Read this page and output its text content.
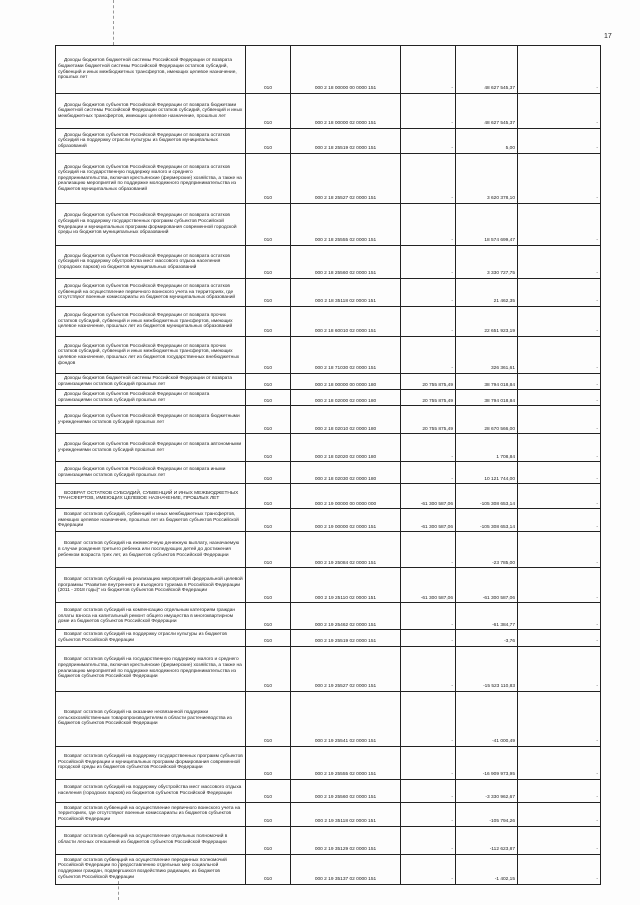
17
Доходы бюджетов бюджетной системы Российской Федерации от возврата бюджетами бюджетной системы Российской Федерации остатков субсидий, субвенций и иных межбюджетных трансфертов, имеющих целевое назначение, прошлых лет	010	000 2 18 00000 00 0000 151	-	48 627 545,37	-
Доходы бюджетов субъектов Российской Федерации от возврата бюджетами бюджетной системы Российской Федерации остатков субсидий, субвенций и иных межбюджетных трансфертов, имеющих целевое назначение, прошлых лет	010	000 2 18 00000 02 0000 151	-	48 627 545,37	-
Доходы бюджетов субъектов Российской Федерации от возврата остатков субсидий на поддержку отрасли культуры из бюджетов муниципальных образований	010	000 2 18 25519 02 0000 151	-	5,00	-
Доходы бюджетов субъектов Российской Федерации от возврата остатков субсидий на государственную поддержку малого и среднего предпринимательства, включая крестьянские (фермерские) хозяйства, а также на реализацию мероприятий по поддержке молодежного предпринимательства из бюджетов муниципальных образований	010	000 2 18 25527 02 0000 151	-	3 620 378,10	-
Доходы бюджетов субъектов Российской Федерации от возврата остатков субсидий на поддержку государственных программ субъектов Российской Федерации и муниципальных программ формирования современной городской среды из бюджетов муниципальных образований	010	000 2 18 25555 02 0000 151	-	18 574 699,47	-
Доходы бюджетов субъектов Российской Федерации от возврата остатков субсидий на поддержку обустройства мест массового отдыха населения (городских парков) из бюджетов муниципальных образований	010	000 2 18 25560 02 0000 151	-	3 330 727,75	-
Доходы бюджетов субъектов Российской Федерации от возврата остатков субвенций на осуществление первичного воинского учета на территориях, где отсутствуют военные комиссариаты из бюджетов муниципальных образований	010	000 2 18 35118 02 0000 151	-	21 462,35	-
Доходы бюджетов субъектов Российской Федерации от возврата прочих остатков субсидий, субвенций и иных межбюджетных трансфертов, имеющих целевое назначение, прошлых лет из бюджетов муниципальных образований	010	000 2 18 60010 02 0000 151	-	22 651 923,19	-
Доходы бюджетов субъектов Российской Федерации от возврата прочих остатков субсидий, субвенций и иных межбюджетных трансфертов, имеющих целевое назначение, прошлых лет из бюджетов государственных внебюджетных фондов	010	000 2 18 71030 02 0000 151	-	326 361,61	-
Доходы бюджетов бюджетной системы Российской Федерации от возврата организациями остатков субсидий прошлых лет	010	000 2 18 00000 00 0000 180	20 755 875,49	38 794 018,84	-
Доходы бюджетов субъектов Российской Федерации от возврата организациями остатков субсидий прошлых лет	010	000 2 18 02000 02 0000 180	20 755 875,49	38 794 018,84	-
Доходы бюджетов субъектов Российской Федерации от возврата бюджетными учреждениями остатков субсидий прошлых лет	010	000 2 18 02010 02 0000 180	20 755 875,49	28 670 566,00	-
Доходы бюджетов субъектов Российской Федерации от возврата автономными учреждениями остатков субсидий прошлых лет	010	000 2 18 02020 02 0000 180	-	1 708,84	-
Доходы бюджетов субъектов Российской Федерации от возврата иными организациями остатков субсидий прошлых лет	010	000 2 18 02030 02 0000 180	-	10 121 744,00	-
ВОЗВРАТ ОСТАТКОВ СУБСИДИЙ, СУБВЕНЦИЙ И ИНЫХ МЕЖБЮДЖЕТНЫХ ТРАНСФЕРТОВ, ИМЕЮЩИХ ЦЕЛЕВОЕ НАЗНАЧЕНИЕ, ПРОШЛЫХ ЛЕТ	010	000 2 19 00000 00 0000 000	-61 300 587,06	-105 308 653,14	-
Возврат остатков субсидий, субвенций и иных межбюджетных трансфертов, имеющих целевое назначение, прошлых лет из бюджетов субъектов Российской Федерации	010	000 2 19 00000 02 0000 151	-61 300 587,06	-105 308 653,14	-
Возврат остатков субсидий на ежемесячную денежную выплату, назначаемую в случае рождения третьего ребенка или последующих детей до достижения ребенком возраста трех лет, из бюджетов субъектов Российской Федерации	010	000 2 19 25084 02 0000 151	-	-23 785,00	-
Возврат остатков субсидий на реализацию мероприятий федеральной целевой программы "Развитие внутреннего и въездного туризма в Российской Федерации (2011 - 2018 годы)" из бюджетов субъектов Российской Федерации	010	000 2 19 25110 02 0000 151	-61 300 587,06	-61 300 587,06	-
Возврат остатков субсидий на компенсацию отдельным категориям граждан оплаты взноса на капитальный ремонт общего имущества в многоквартирном доме из бюджетов субъектов Российской Федерации	010	000 2 19 25462 02 0000 151	-	-61 384,77	-
Возврат остатков субсидий на поддержку отрасли культуры из бюджетов субъектов Российской Федерации	010	000 2 19 25519 02 0000 151	-	-3,76	-
Возврат остатков субсидий на государственную поддержку малого и среднего предпринимательства, включая крестьянские (фермерские) хозяйства, а также на реализацию мероприятий по поддержке молодежного предпринимательства из бюджетов субъектов Российской Федерации	010	000 2 19 25527 02 0000 151	-	-15 523 110,83	-
Возврат остатков субсидий на оказание несвязанной поддержки сельскохозяйственным товаропроизводителям в области растениеводства из бюджетов субъектов Российской Федерации	010	000 2 19 25541 02 0000 151	-	-41 000,49	-
Возврат остатков субсидий на поддержку государственных программ субъектов Российской Федерации и муниципальных программ формирования современной городской среды из бюджетов субъектов Российской Федерации	010	000 2 19 25555 02 0000 151	-	-16 909 973,95	-
Возврат остатков субсидий на поддержку обустройства мест массового отдыха населения (городских парков) из бюджетов субъектов Российской Федерации	010	000 2 19 25560 02 0000 151	-	-3 330 962,67	-
Возврат остатков субвенций на осуществление первичного воинского учета на территориях, где отсутствуют военные комиссариаты из бюджетов субъектов Российской Федерации	010	000 2 19 35118 02 0000 151	-	-105 794,26	-
Возврат остатков субвенций на осуществление отдельных полномочий в области лесных отношений из бюджетов субъектов Российской Федерации	010	000 2 19 35129 02 0000 151	-	-112 623,87	-
Возврат остатков субвенций на осуществление переданных полномочий Российской Федерации по предоставлению отдельных мер социальной поддержки граждан, подвергшихся воздействию радиации, из бюджетов субъектов Российской Федерации	010	000 2 19 35137 02 0000 151	-	-1 402,15	-
